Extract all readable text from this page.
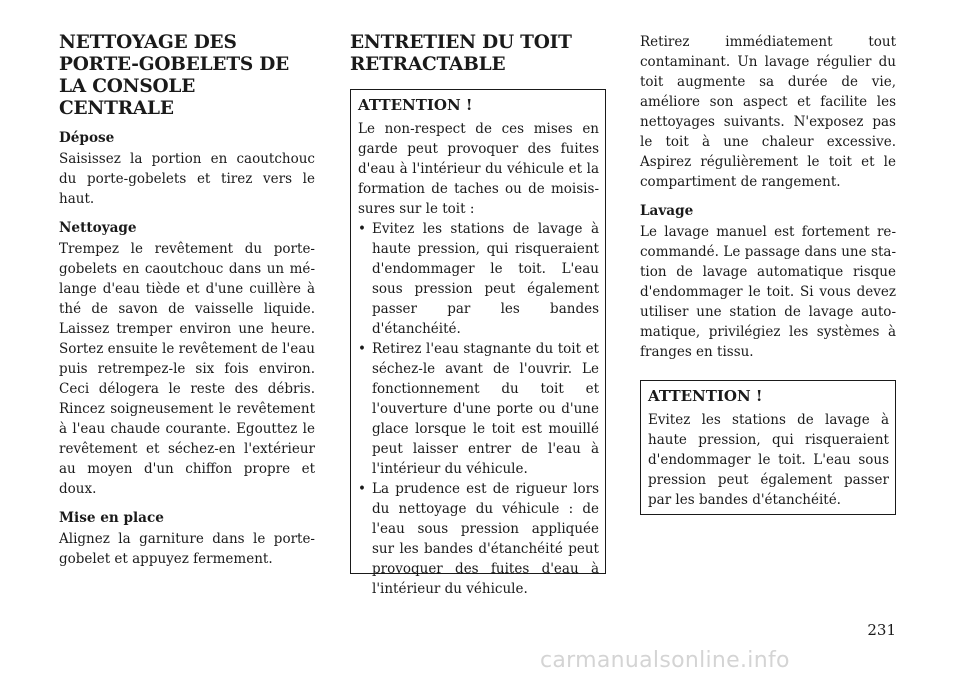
NETTOYAGE DES PORTE-GOBELETS DE LA CONSOLE CENTRALE
Dépose

Saisissez la portion en caoutchouc du porte-gobelets et tirez vers le haut.

Nettoyage

Trempez le revêtement du porte-gobelets en caoutchouc dans un mélange d'eau tiède et d'une cuillère à thé de savon de vaisselle liquide. Laissez tremper environ une heure. Sortez ensuite le revêtement de l'eau puis retrempez-le six fois environ. Ceci délogera le reste des débris. Rincez soigneusement le revêtement à l'eau chaude courante. Egouttez le revêtement et séchez-en l'extérieur au moyen d'un chiffon propre et doux.

Mise en place

Alignez la garniture dans le porte-gobelet et appuyez fermement.

ENTRETIEN DU TOIT RETRACTABLE
ATTENTION !

Le non-respect de ces mises en garde peut provoquer des fuites d'eau à l'intérieur du véhicule et la formation de taches ou de moisissures sur le toit :

• Evitez les stations de lavage à haute pression, qui risqueraient d'endommager le toit. L'eau sous pression peut également passer par les bandes d'étanchéité.
• Retirez l'eau stagnante du toit et séchez-le avant de l'ouvrir. Le fonctionnement du toit et l'ouverture d'une porte ou d'une glace lorsque le toit est mouillé peut laisser entrer de l'eau à l'intérieur du véhicule.
• La prudence est de rigueur lors du nettoyage du véhicule : de l'eau sous pression appliquée sur les bandes d'étanchéité peut provoquer des fuites d'eau à l'intérieur du véhicule.

Retirez immédiatement tout contaminant. Un lavage régulier du toit augmente sa durée de vie, améliore son aspect et facilite les nettoyages suivants. N'exposez pas le toit à une chaleur excessive. Aspirez régulièrement le toit et le compartiment de rangement.

Lavage

Le lavage manuel est fortement recommandé. Le passage dans une station de lavage automatique risque d'endommager le toit. Si vous devez utiliser une station de lavage automatique, privilégiez les systèmes à franges en tissu.

ATTENTION !

Evitez les stations de lavage à haute pression, qui risqueraient d'endommager le toit. L'eau sous pression peut également passer par les bandes d'étanchéité.

231
carmanualsonline.info
